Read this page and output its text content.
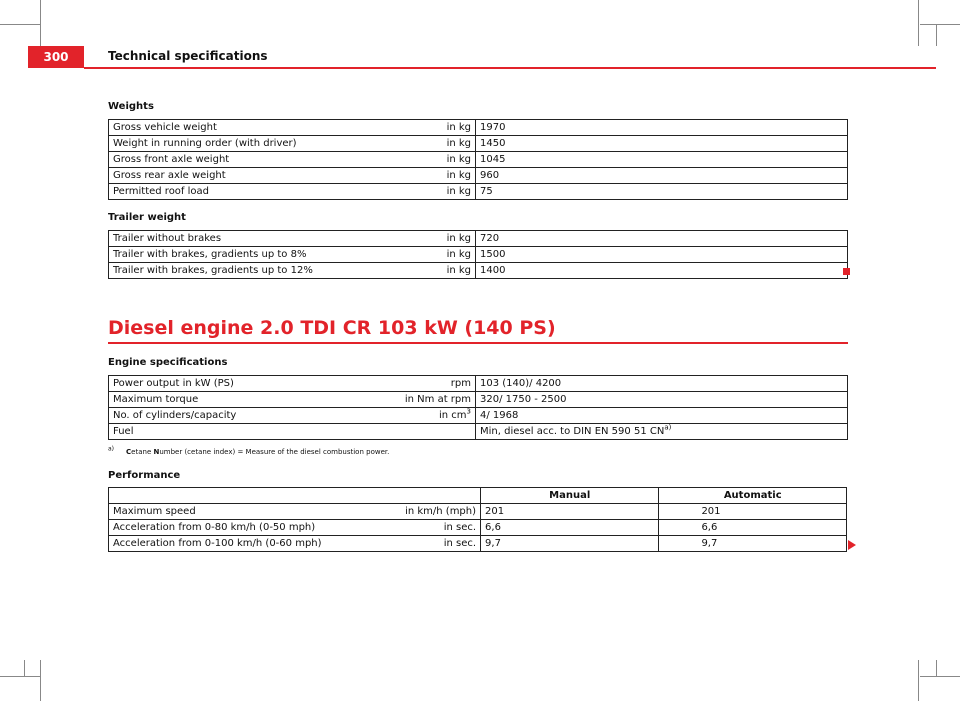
300	Technical specifications
Weights
Gross vehicle weight in kg	1970
Weight in running order (with driver) in kg	1450
Gross front axle weight in kg	1045
Gross rear axle weight in kg	960
Permitted roof load in kg	75
Trailer weight
Trailer without brakes in kg	720
Trailer with brakes, gradients up to 8% in kg	1500
Trailer with brakes, gradients up to 12% in kg	1400
Diesel engine 2.0 TDI CR 103 kW (140 PS)
Engine specifications
Power output in kW (PS) rpm	103 (140)/ 4200
Maximum torque in Nm at rpm	320/ 1750 - 2500
No. of cylinders/capacity in $cm^3$	4/ 1968
Fuel	Min, diesel acc. to DIN EN 590 51 CN$^{a)}$
$^{a)}$ Cetane Number (cetane index) = Measure of the diesel combustion power.
Performance
	Manual	Automatic
Maximum speed in km/h (mph)	201	201
Acceleration from 0-80 km/h (0-50 mph) in sec.	6,6	6,6
Acceleration from 0-100 km/h (0-60 mph) in sec.	9,7	9,7
